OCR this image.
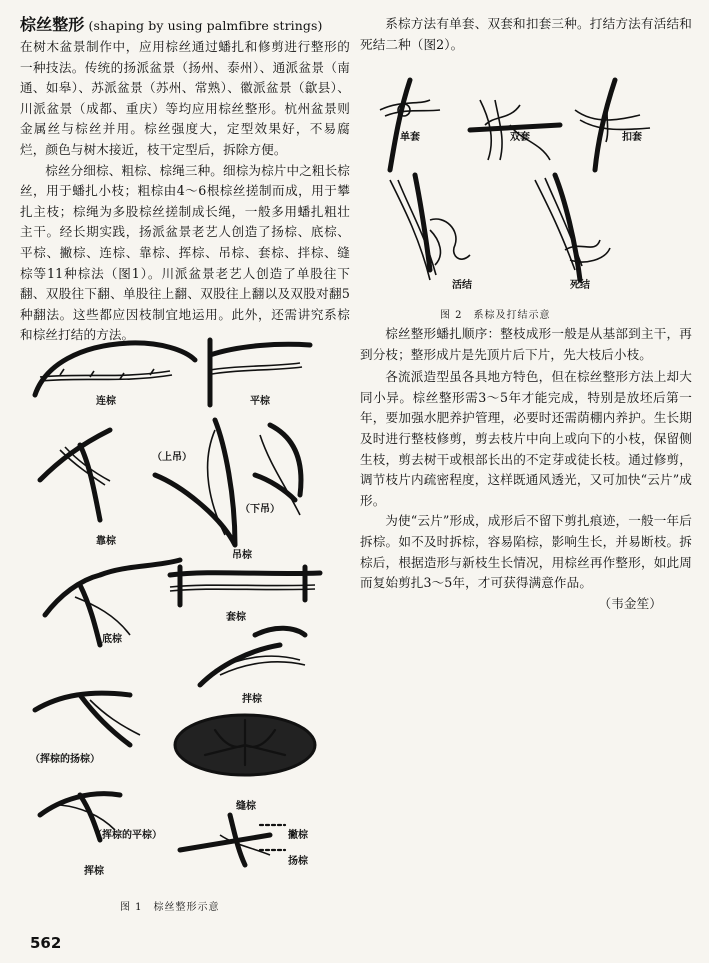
棕丝整形 (shaping by using palmfibre strings)

在树木盆景制作中，应用棕丝通过蟠扎和修剪进行整形的一种技法。传统的扬派盆景（扬州、泰州）、通派盆景（南通、如皋）、苏派盆景（苏州、常熟）、徽派盆景（歙县）、川派盆景（成都、重庆）等均应用棕丝整形。杭州盆景则金属丝与棕丝并用。棕丝强度大，定型效果好，不易腐烂，颜色与树木接近，枝干定型后，拆除方便。

棕丝分细棕、粗棕、棕绳三种。细棕为棕片中之粗长棕丝，用于蟠扎小枝；粗棕由4～6根棕丝搓制而成，用于攀扎主枝；棕绳为多股棕丝搓制成长绳，一般多用蟠扎粗壮主干。经长期实践，扬派盆景老艺人创造了扬棕、底棕、平棕、撇棕、连棕、靠棕、挥棕、吊棕、套棕、拌棕、缝棕等11种棕法（图1）。川派盆景老艺人创造了单股往下翻、双股往下翻、单股往上翻、双股往上翻以及双股对翻5种翻法。这些都应因枝制宜地运用。此外，还需讲究系棕和棕丝打结的方法。

系棕方法有单套、双套和扣套三种。打结方法有活结和死结二种（图2）。

棕丝整形蟠扎顺序：整枝成形一般是从基部到主干，再到分枝；整形成片是先顶片后下片，先大枝后小枝。

各流派造型虽各具地方特色，但在棕丝整形方法上却大同小异。棕丝整形需3～5年才能完成，特别是放坯后第一年，要加强水肥养护管理，必要时还需荫棚内养护。生长期及时进行整枝修剪，剪去枝片中向上或向下的小枝，保留侧生枝，剪去树干或根部长出的不定芽或徒长枝。通过修剪，调节枝片内疏密程度，这样既通风透光，又可加快“云片”成形。

为使“云片”形成，成形后不留下剪扎痕迹，一般一年后拆棕。如不及时拆棕，容易陷棕，影响生长，并易断枝。拆棕后，根据造形与新枝生长情况，用棕丝再作整形，如此周而复始剪扎3～5年，才可获得满意作品。

（韦金笙）

单套	双套	扣套
活结	死结
图 2　系棕及打结示意
连棕	平棕
（上吊）
（下吊）
靠棕
吊棕
底棕
套棕
拌棕
（挥棕的扬棕）
缝棕
（挥棕的平棕）	撇棕
扬棕
挥棕
图 1　棕丝整形示意
562
